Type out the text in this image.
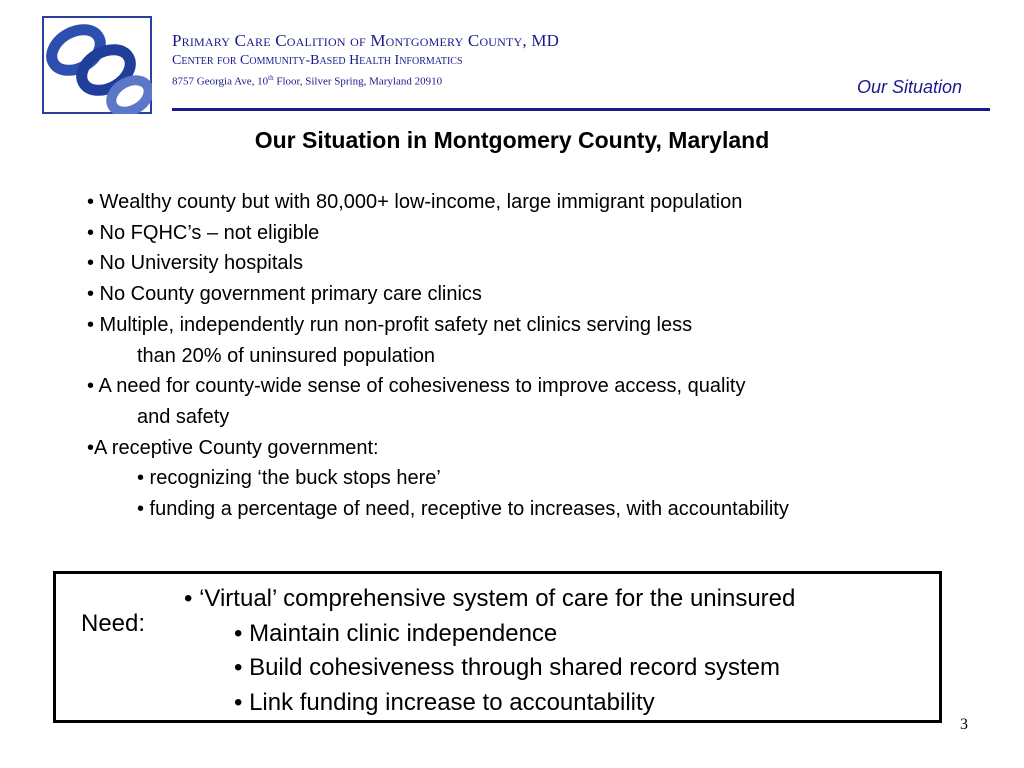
Primary Care Coalition of Montgomery County, MD
Center for Community-Based Health Informatics
8757 Georgia Ave, 10th Floor, Silver Spring, Maryland 20910	Our Situation
Our Situation in Montgomery County, Maryland
• Wealthy county but with 80,000+ low-income, large immigrant population
• No FQHC’s – not eligible
• No University hospitals
• No County government primary care clinics
• Multiple, independently run non-profit safety net clinics serving less
than 20% of uninsured population
• A need for county-wide sense of cohesiveness to improve access, quality
and safety
•A receptive County government:
• recognizing ‘the buck stops here’
• funding a percentage of need, receptive to increases, with accountability
Need:
• ‘Virtual’ comprehensive system of care for the uninsured
• Maintain clinic independence
• Build cohesiveness through shared record system
• Link funding increase to accountability
3
